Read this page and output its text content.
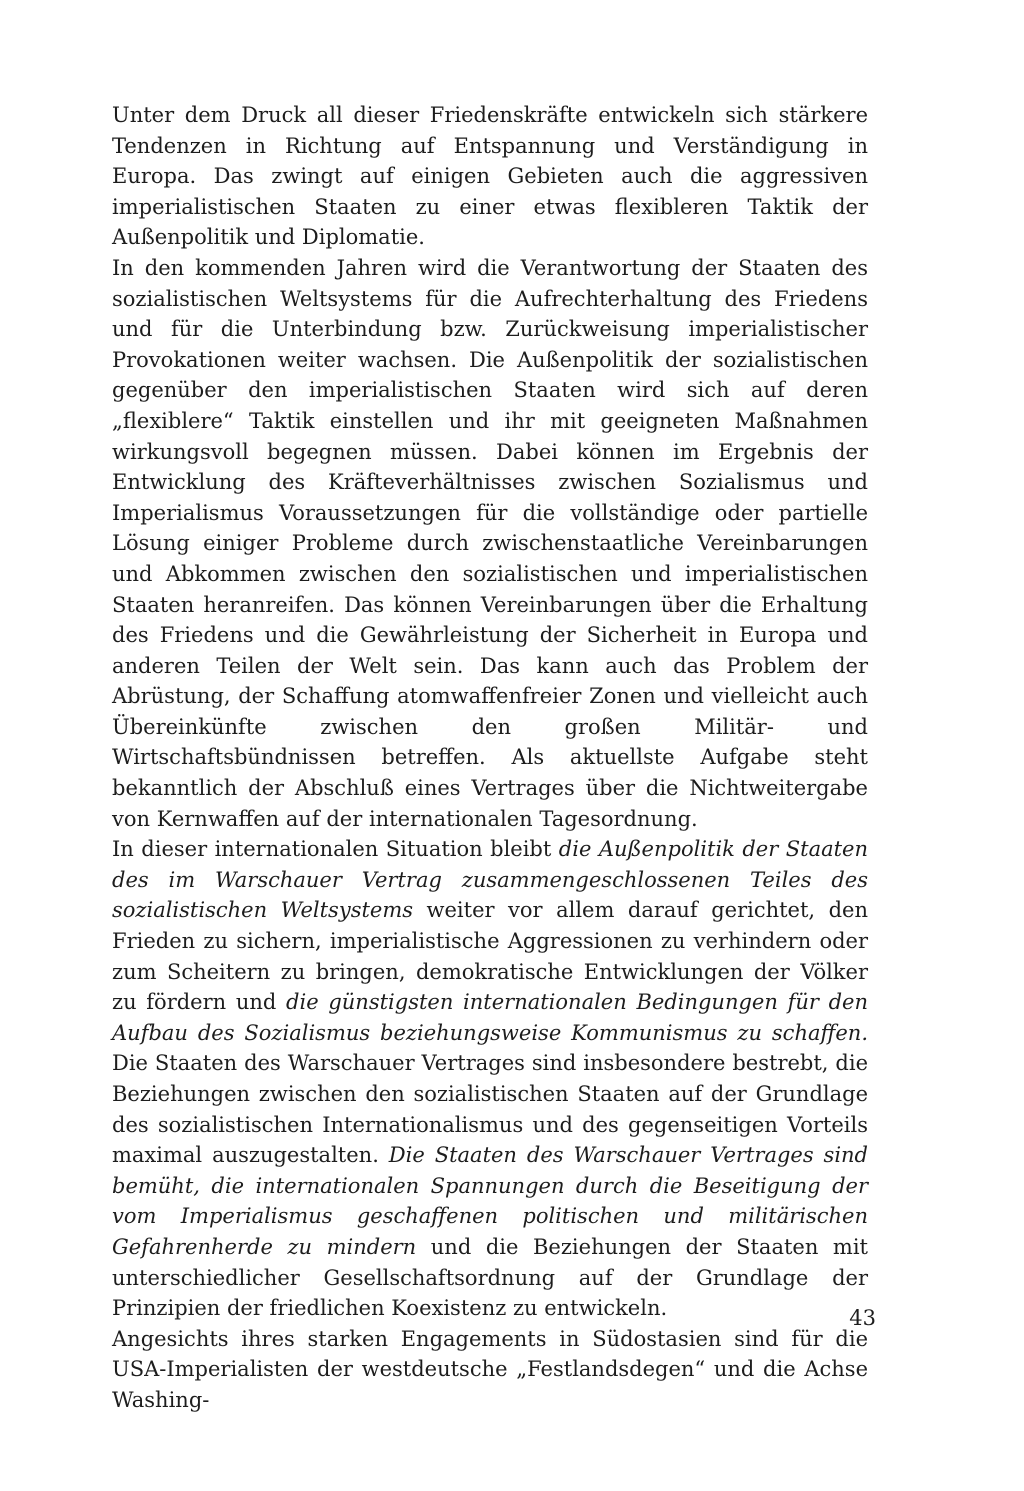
Unter dem Druck all dieser Friedenskräfte entwickeln sich stärkere Tendenzen in Richtung auf Entspannung und Verständigung in Europa. Das zwingt auf einigen Gebieten auch die aggressiven imperialistischen Staaten zu einer etwas flexibleren Taktik der Außenpolitik und Diplomatie.

In den kommenden Jahren wird die Verantwortung der Staaten des sozialistischen Weltsystems für die Aufrechterhaltung des Friedens und für die Unterbindung bzw. Zurückweisung imperialistischer Provokationen weiter wachsen. Die Außenpolitik der sozialistischen gegenüber den imperialistischen Staaten wird sich auf deren „flexiblere“ Taktik einstellen und ihr mit geeigneten Maßnahmen wirkungsvoll begegnen müssen. Dabei können im Ergebnis der Entwicklung des Kräfteverhältnisses zwischen Sozialismus und Imperialismus Voraussetzungen für die vollständige oder partielle Lösung einiger Probleme durch zwischenstaatliche Vereinbarungen und Abkommen zwischen den sozialistischen und imperialistischen Staaten heranreifen. Das können Vereinbarungen über die Erhaltung des Friedens und die Gewährleistung der Sicherheit in Europa und anderen Teilen der Welt sein. Das kann auch das Problem der Abrüstung, der Schaffung atomwaffenfreier Zonen und vielleicht auch Übereinkünfte zwischen den großen Militär- und Wirtschaftsbündnissen betreffen. Als aktuellste Aufgabe steht bekanntlich der Abschluß eines Vertrages über die Nichtweitergabe von Kernwaffen auf der internationalen Tagesordnung.

In dieser internationalen Situation bleibt die Außenpolitik der Staaten des im Warschauer Vertrag zusammengeschlossenen Teiles des sozialistischen Weltsystems weiter vor allem darauf gerichtet, den Frieden zu sichern, imperialistische Aggressionen zu verhindern oder zum Scheitern zu bringen, demokratische Entwicklungen der Völker zu fördern und die günstigsten internationalen Bedingungen für den Aufbau des Sozialismus beziehungsweise Kommunismus zu schaffen. Die Staaten des Warschauer Vertrages sind insbesondere bestrebt, die Beziehungen zwischen den sozialistischen Staaten auf der Grundlage des sozialistischen Internationalismus und des gegenseitigen Vorteils maximal auszugestalten. Die Staaten des Warschauer Vertrages sind bemüht, die internationalen Spannungen durch die Beseitigung der vom Imperialismus geschaffenen politischen und militärischen Gefahrenherde zu mindern und die Beziehungen der Staaten mit unterschiedlicher Gesellschaftsordnung auf der Grundlage der Prinzipien der friedlichen Koexistenz zu entwickeln.

Angesichts ihres starken Engagements in Südostasien sind für die USA-Imperialisten der westdeutsche „Festlandsdegen“ und die Achse Washing-

43
